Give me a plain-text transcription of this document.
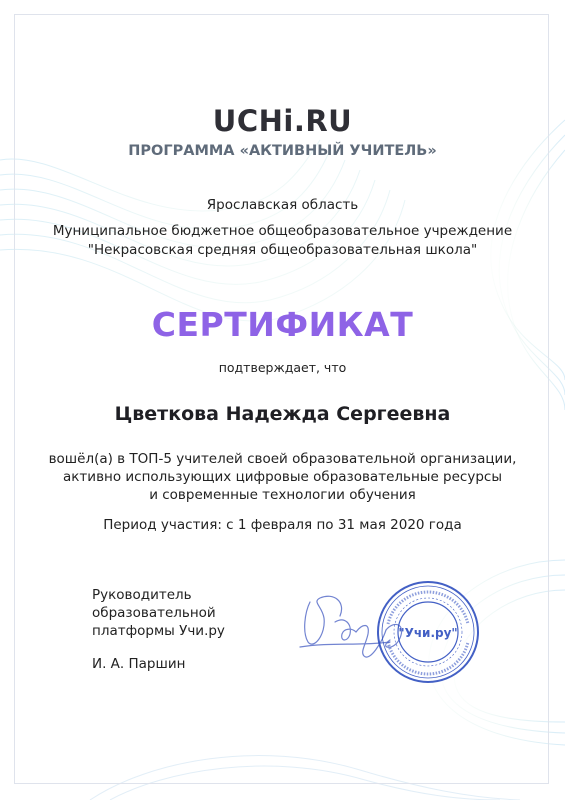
UCHi.RU
ПРОГРАММА «АКТИВНЫЙ УЧИТЕЛЬ»
Ярославская область
Муниципальное бюджетное общеобразовательное учреждение
"Некрасовская средняя общеобразовательная школа"
СЕРТИФИКАТ
подтверждает, что
Цветкова Надежда Сергеевна
вошёл(а) в ТОП-5 учителей своей образовательной организации,
активно использующих цифровые образовательные ресурсы
и современные технологии обучения
Период участия: с 1 февраля по 31 мая 2020 года
Руководитель
образовательной
платформы Учи.ру
И. А. Паршин
"Учи.ру"
